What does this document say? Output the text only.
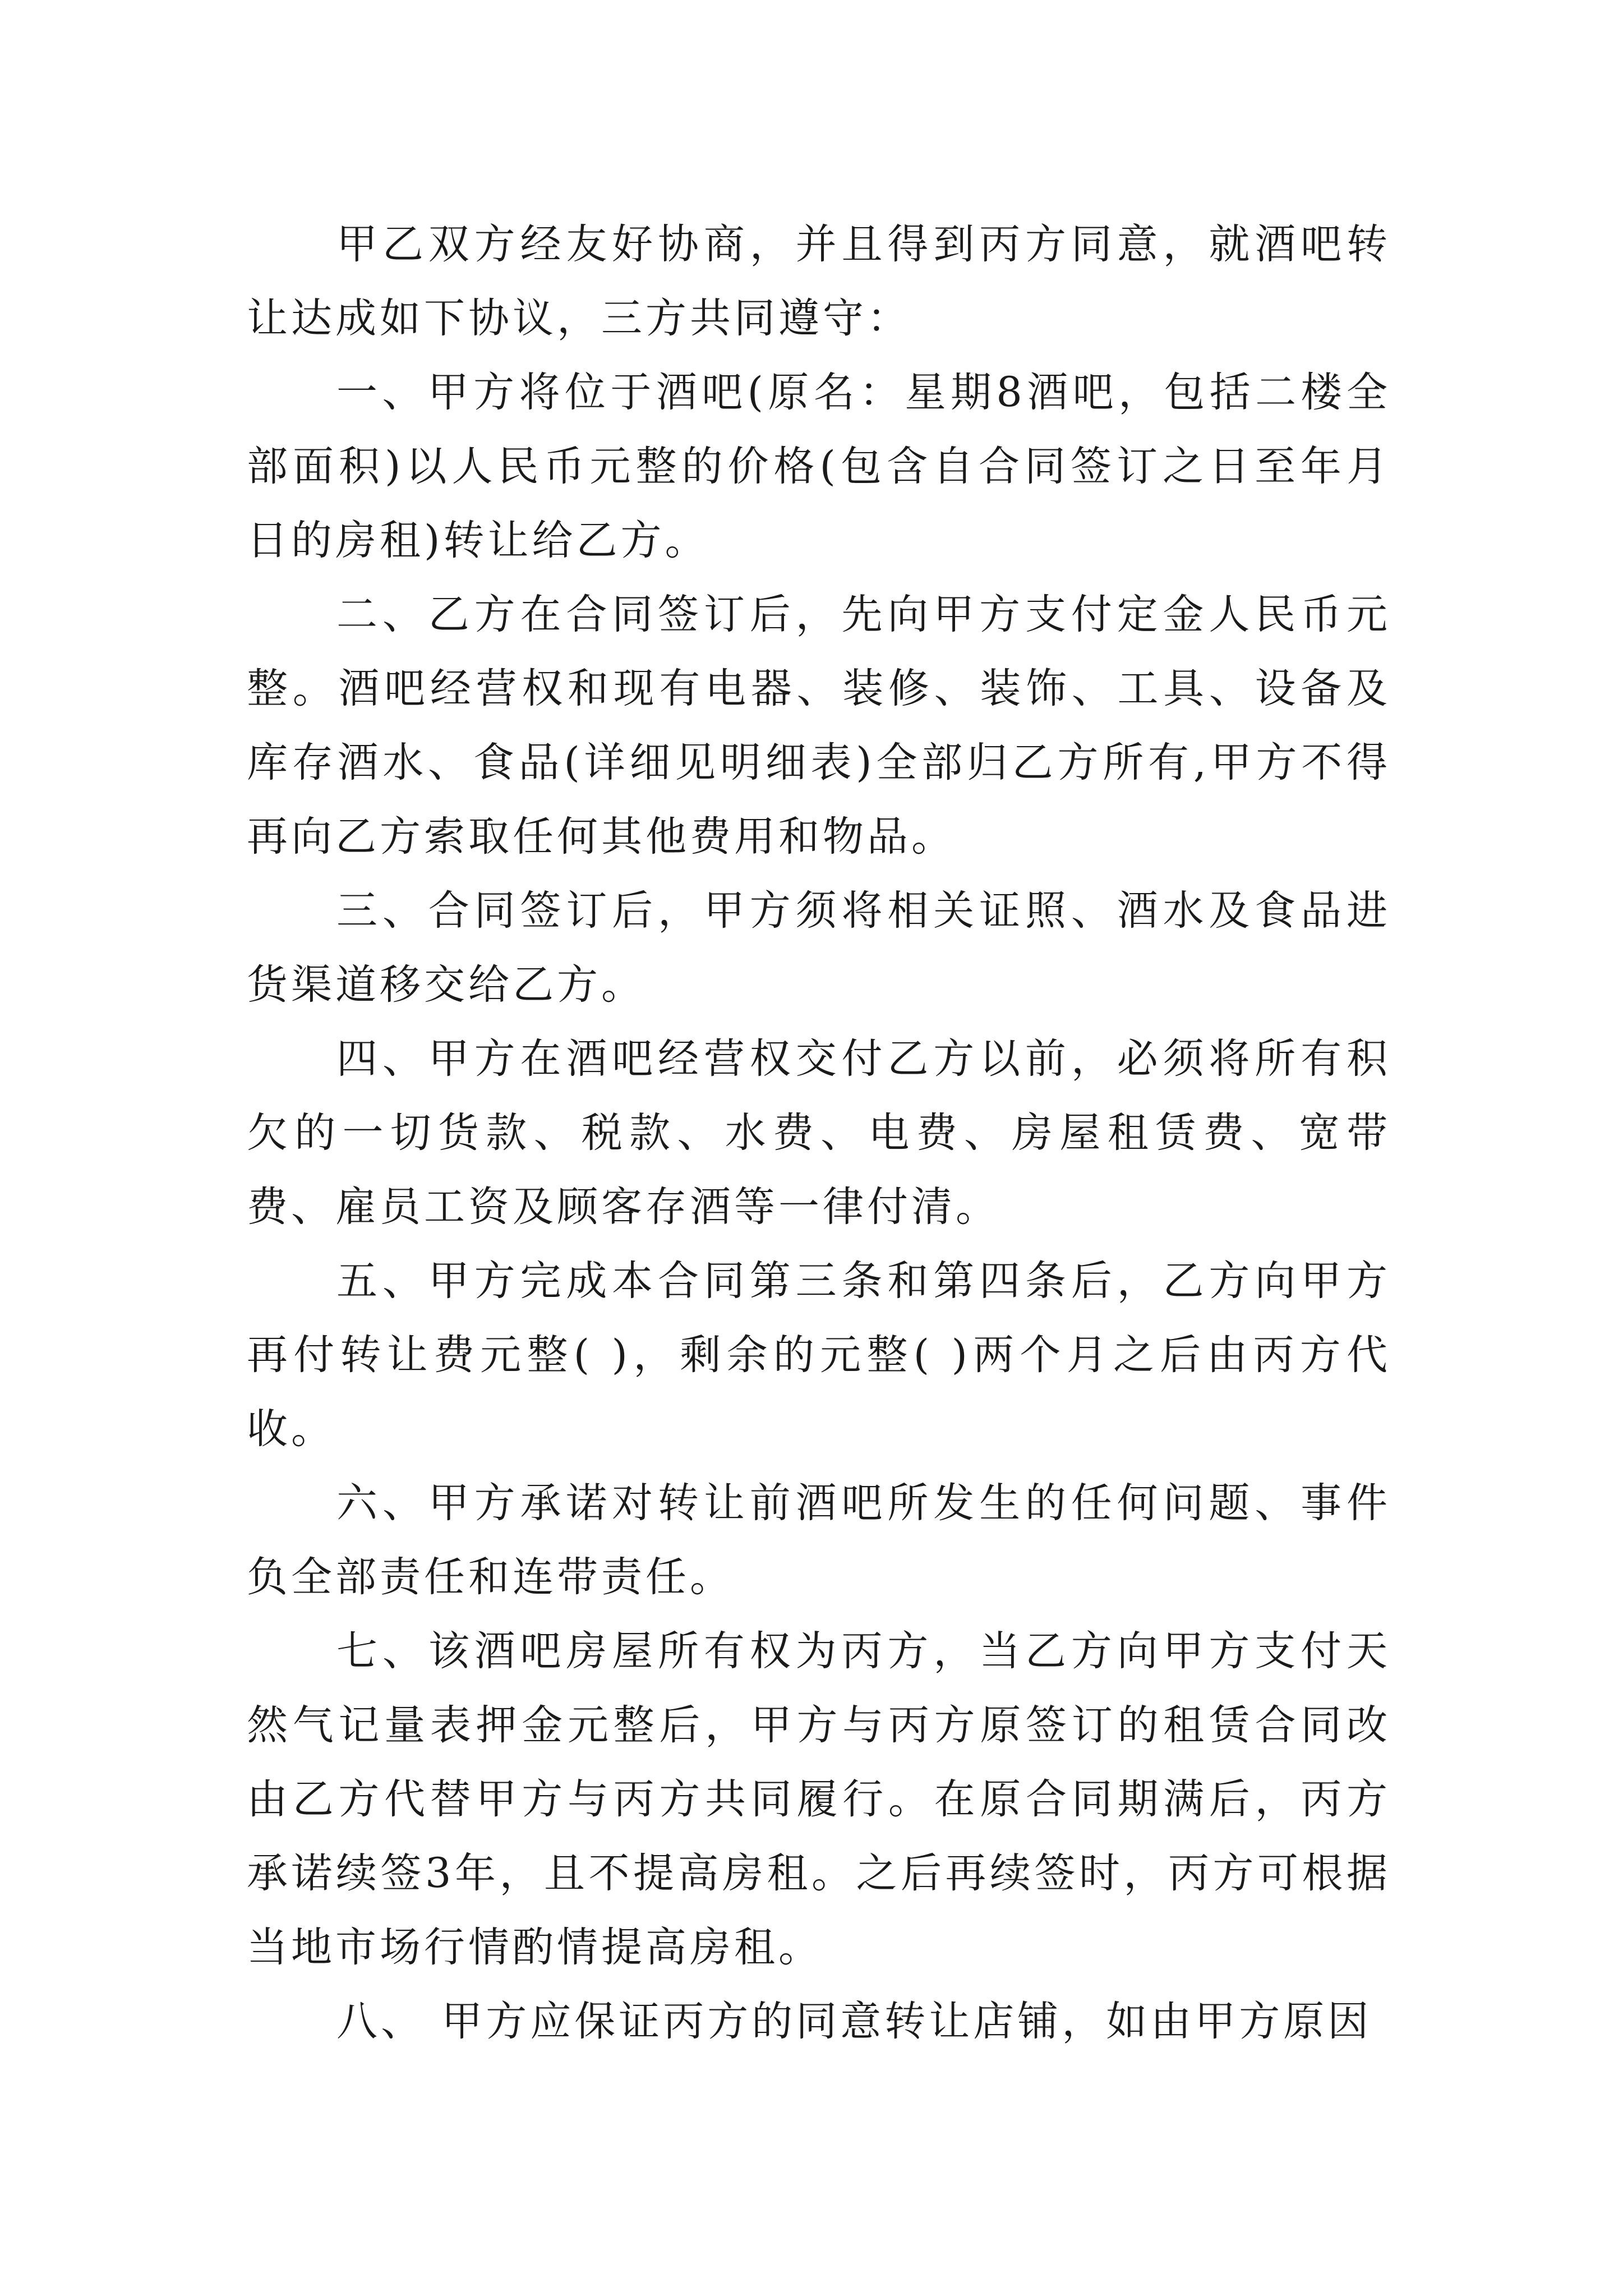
甲乙双方经友好协商，并且得到丙方同意，就酒吧转让达成如下协议，三方共同遵守：

一、甲方将位于酒吧(原名：星期8酒吧，包括二楼全部面积)以人民币元整的价格(包含自合同签订之日至年月日的房租)转让给乙方。

二、乙方在合同签订后，先向甲方支付定金人民币元整。酒吧经营权和现有电器、装修、装饰、工具、设备及库存酒水、食品(详细见明细表)全部归乙方所有,甲方不得再向乙方索取任何其他费用和物品。

三、合同签订后，甲方须将相关证照、酒水及食品进货渠道移交给乙方。

四、甲方在酒吧经营权交付乙方以前，必须将所有积欠的一切货款、税款、水费、电费、房屋租赁费、宽带费、雇员工资及顾客存酒等一律付清。

五、甲方完成本合同第三条和第四条后，乙方向甲方再付转让费元整( )，剩余的元整( )两个月之后由丙方代收。

六、甲方承诺对转让前酒吧所发生的任何问题、事件负全部责任和连带责任。

七、该酒吧房屋所有权为丙方，当乙方向甲方支付天然气记量表押金元整后，甲方与丙方原签订的租赁合同改由乙方代替甲方与丙方共同履行。在原合同期满后，丙方承诺续签3年，且不提高房租。之后再续签时，丙方可根据当地市场行情酌情提高房租。

八、 甲方应保证丙方的同意转让店铺，如由甲方原因
